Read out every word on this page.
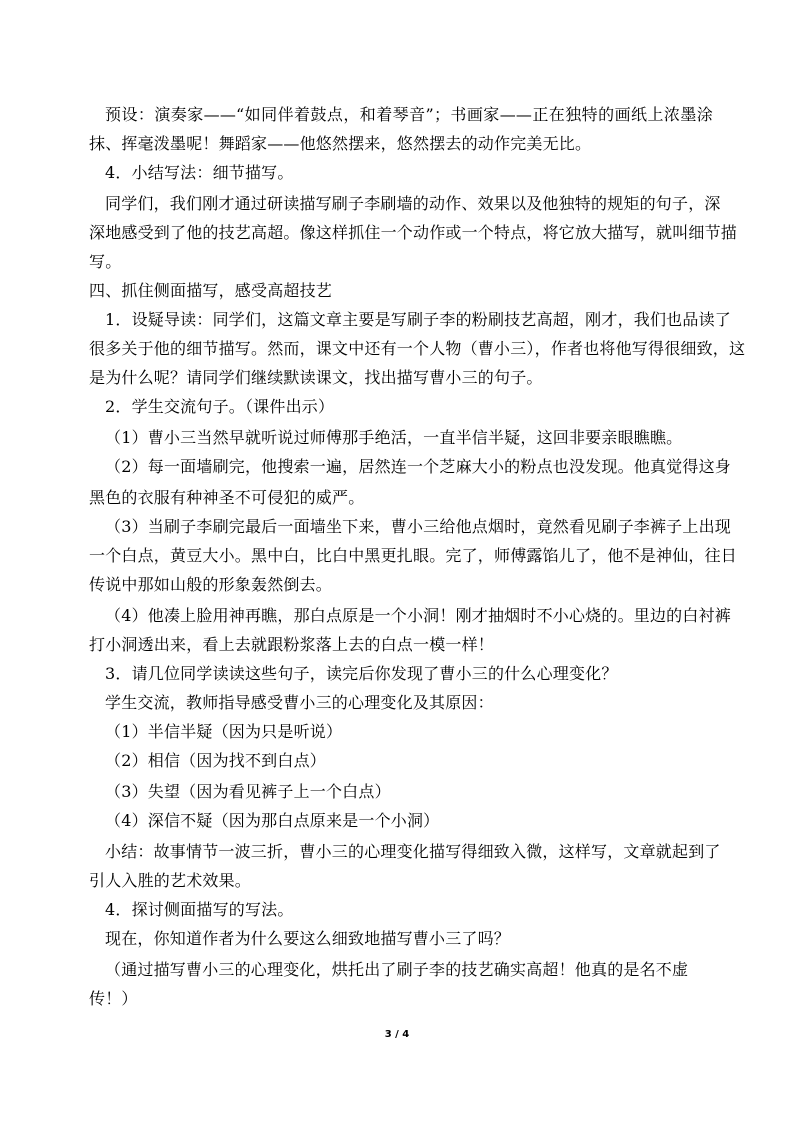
预设：演奏家——“如同伴着鼓点，和着琴音”；书画家——正在独特的画纸上浓墨涂
抹、挥毫泼墨呢！舞蹈家——他悠然摆来，悠然摆去的动作完美无比。
4．小结写法：细节描写。
同学们，我们刚才通过研读描写刷子李刷墙的动作、效果以及他独特的规矩的句子，深
深地感受到了他的技艺高超。像这样抓住一个动作或一个特点，将它放大描写，就叫细节描
写。
四、抓住侧面描写，感受高超技艺
1．设疑导读：同学们，这篇文章主要是写刷子李的粉刷技艺高超，刚才，我们也品读了
很多关于他的细节描写。然而，课文中还有一个人物（曹小三），作者也将他写得很细致，这
是为什么呢？请同学们继续默读课文，找出描写曹小三的句子。
2．学生交流句子。（课件出示）
（1）曹小三当然早就听说过师傅那手绝活，一直半信半疑，这回非要亲眼瞧瞧。
（2）每一面墙刷完，他搜索一遍，居然连一个芝麻大小的粉点也没发现。他真觉得这身
黑色的衣服有种神圣不可侵犯的威严。
（3）当刷子李刷完最后一面墙坐下来，曹小三给他点烟时，竟然看见刷子李裤子上出现
一个白点，黄豆大小。黑中白，比白中黑更扎眼。完了，师傅露馅儿了，他不是神仙，往日
传说中那如山般的形象轰然倒去。
（4）他凑上脸用神再瞧，那白点原是一个小洞！刚才抽烟时不小心烧的。里边的白衬裤
打小洞透出来，看上去就跟粉浆落上去的白点一模一样！
3．请几位同学读读这些句子，读完后你发现了曹小三的什么心理变化？
学生交流，教师指导感受曹小三的心理变化及其原因：
（1）半信半疑（因为只是听说）
（2）相信（因为找不到白点）
（3）失望（因为看见裤子上一个白点）
（4）深信不疑（因为那白点原来是一个小洞）
小结：故事情节一波三折，曹小三的心理变化描写得细致入微，这样写，文章就起到了
引人入胜的艺术效果。
4．探讨侧面描写的写法。
现在，你知道作者为什么要这么细致地描写曹小三了吗？
（通过描写曹小三的心理变化，烘托出了刷子李的技艺确实高超！他真的是名不虚
传！）
3 / 4
